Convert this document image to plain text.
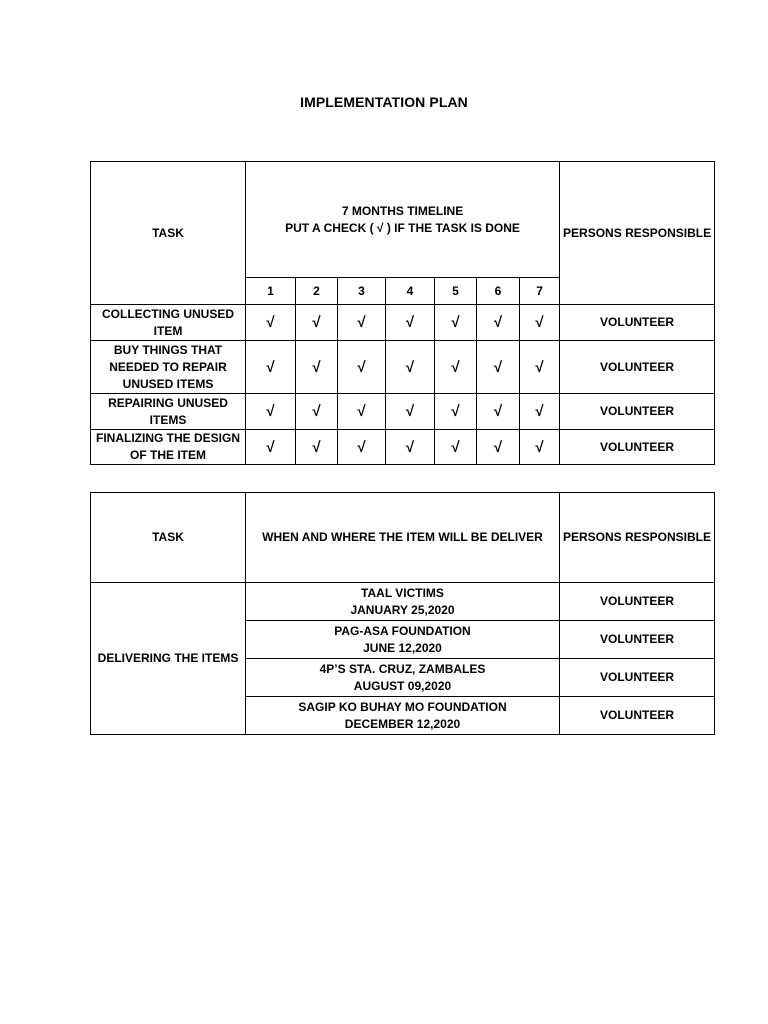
IMPLEMENTATION PLAN
TASK	7 MONTHS TIMELINE
PUT A CHECK ( √ ) IF THE TASK IS DONE							PERSONS RESPONSIBLE
	1	2	3	4	5	6	7	

COLLECTING UNUSED
ITEM	√	√	√	√	√	√	√	VOLUNTEER

BUY THINGS THAT
NEEDED TO REPAIR
UNUSED ITEMS	√	√	√	√	√	√	√	VOLUNTEER

REPAIRING UNUSED
ITEMS	√	√	√	√	√	√	√	VOLUNTEER

FINALIZING THE DESIGN
OF THE ITEM	√	√	√	√	√	√	√	VOLUNTEER
TASK	WHEN AND WHERE THE ITEM WILL BE DELIVER	PERSONS RESPONSIBLE
DELIVERING THE ITEMS	TAAL VICTIMS
JANUARY 25,2020	VOLUNTEER

	PAG-ASA FOUNDATION
JUNE 12,2020	VOLUNTEER

	4P’S STA. CRUZ, ZAMBALES
AUGUST 09,2020	VOLUNTEER

	SAGIP KO BUHAY MO FOUNDATION
DECEMBER 12,2020	VOLUNTEER
